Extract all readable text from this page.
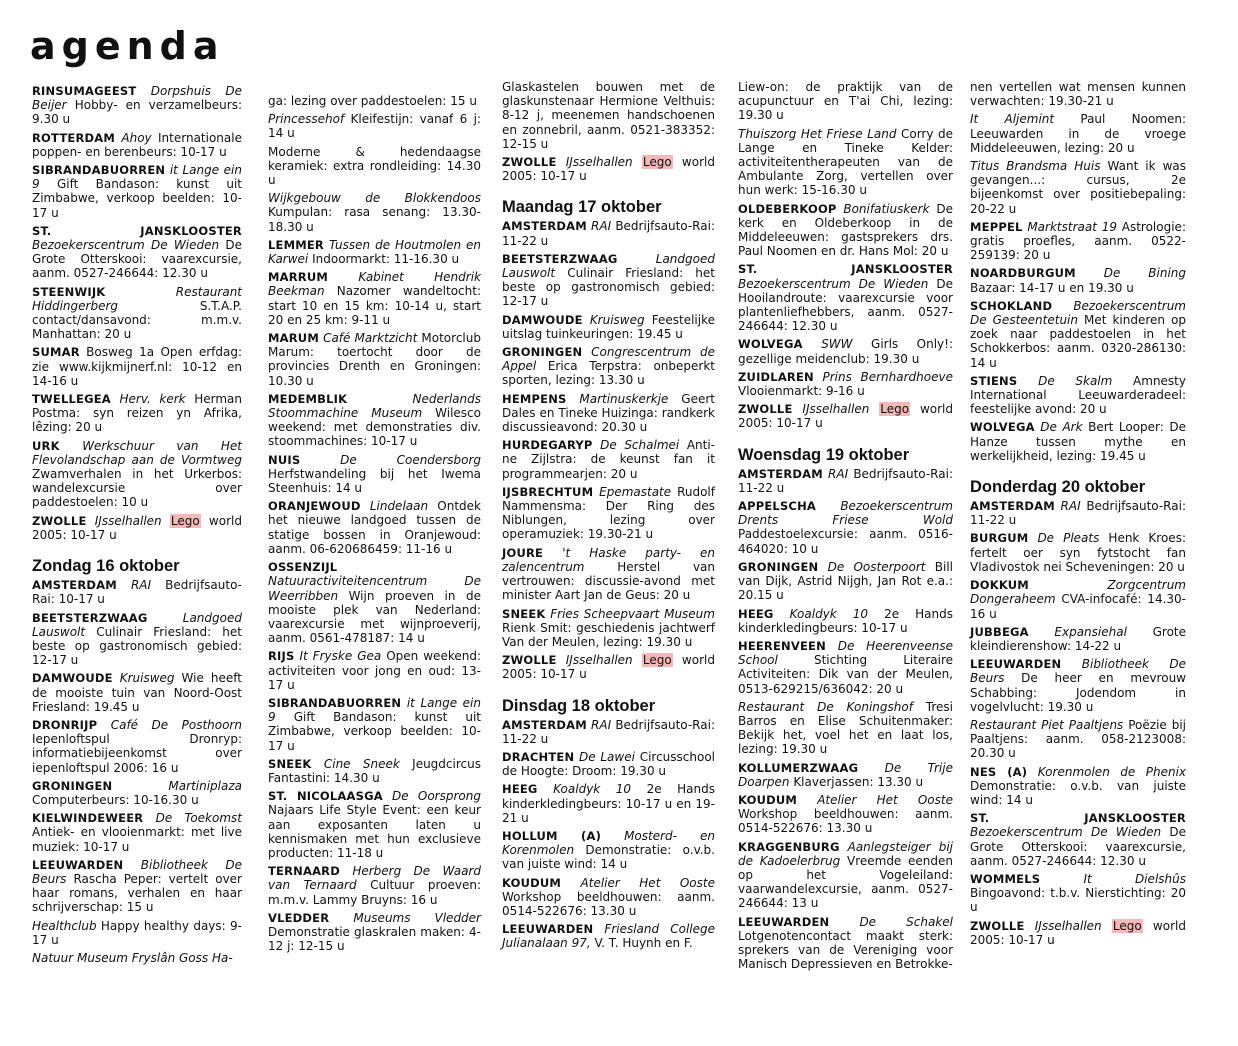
agenda

RINSUMAGEEST Dorpshuis De Beijer Hobby- en verzamelbeurs: 9.30 u

ROTTERDAM Ahoy Internationale poppen- en berenbeurs: 10-17 u

SIBRANDABUORREN it Lange ein 9 Gift Bandason: kunst uit Zimbabwe, verkoop beelden: 10-17 u

ST. JANSKLOOSTER Bezoekerscentrum De Wieden De Grote Otterskooi: vaarexcursie, aanm. 0527-246644: 12.30 u

STEENWIJK	Restaurant Hiddingerberg	S.T.A.P. contact/dansavond: m.m.v. Manhattan: 20 u

SUMAR Bosweg 1a Open erfdag: zie www.kijkmijnerf.nl: 10-12 en 14-16 u

TWELLEGEA Herv. kerk Herman Postma: syn reizen yn Afrika, lêzing: 20 u

URK Werkschuur van Het Flevolandschap aan de Vormtweg Zwamverhalen in het Urkerbos: wandelexcursie over paddestoelen: 10 u

ZWOLLE IJsselhallen Lego world 2005: 10-17 u

Zondag 16 oktober

AMSTERDAM RAI Bedrijfsauto-Rai: 10-17 u

BEETSTERZWAAG	Landgoed Lauswolt Culinair Friesland: het beste op gastronomisch gebied: 12-17 u

DAMWOUDE Kruisweg Wie heeft de mooiste tuin van Noord-Oost Friesland: 19.45 u

DRONRIJP Café De Posthoorn Iepenloftspul Dronryp: informatiebijeenkomst over iepenloftspul 2006: 16 u

GRONINGEN	Martiniplaza Computerbeurs: 10-16.30 u

KIELWINDEWEER De Toekomst Antiek- en vlooienmarkt: met live muziek: 10-17 u

LEEUWARDEN Bibliotheek De Beurs Rascha Peper: vertelt over haar romans, verhalen en haar schrijverschap: 15 u

Healthclub Happy healthy days: 9-17 u

Natuur Museum Fryslân Goss Ha-

ga: lezing over paddestoelen: 15 u

Princessehof Kleifestijn: vanaf 6 j: 14 u

Moderne & hedendaagse keramiek: extra rondleiding: 14.30 u

Wijkgebouw de Blokkendoos Kumpulan: rasa senang: 13.30-18.30 u

LEMMER Tussen de Houtmolen en Karwei Indoormarkt: 11-16.30 u

MARRUM	Kabinet Hendrik Beekman Nazomer wandeltocht: start 10 en 15 km: 10-14 u, start 20 en 25 km: 9-11 u

MARUM Café Marktzicht Motorclub Marum: toertocht door de provincies Drenth en Groningen: 10.30 u

MEDEMBLIK	Nederlands Stoommachine Museum Wilesco weekend: met demonstraties div. stoommachines: 10-17 u

NUIS	De Coendersborg Herfstwandeling bij het Iwema Steenhuis: 14 u

ORANJEWOUD Lindelaan Ontdek het nieuwe landgoed tussen de statige bossen in Oranjewoud: aanm. 06-620686459: 11-16 u

OSSENZIJL Natuuractiviteitencentrum De Weerribben Wijn proeven in de mooiste plek van Nederland: vaarexcursie met wijnproeverij, aanm. 0561-478187: 14 u

RIJS It Fryske Gea Open weekend: activiteiten voor jong en oud: 13-17 u

SIBRANDABUORREN it Lange ein 9 Gift Bandason: kunst uit Zimbabwe, verkoop beelden: 10-17 u

SNEEK Cine Sneek Jeugdcircus Fantastini: 14.30 u

ST. NICOLAASGA De Oorsprong Najaars Life Style Event: een keur aan exposanten laten u kennismaken met hun exclusieve producten: 11-18 u

TERNAARD Herberg De Waard van Ternaard Cultuur proeven: m.m.v. Lammy Bruyns: 16 u

VLEDDER Museums Vledder Demonstratie glaskralen maken: 4-12 j: 12-15 u

Glaskastelen bouwen met de glaskunstenaar Hermione Velthuis: 8-12 j, meenemen handschoenen en zonnebril, aanm. 0521-383352: 12-15 u

ZWOLLE IJsselhallen Lego world 2005: 10-17 u

Maandag 17 oktober

AMSTERDAM RAI Bedrijfsauto-Rai: 11-22 u

BEETSTERZWAAG	Landgoed Lauswolt Culinair Friesland: het beste op gastronomisch gebied: 12-17 u

DAMWOUDE Kruisweg Feestelijke uitslag tuinkeuringen: 19.45 u

GRONINGEN Congrescentrum de Appel Erica Terpstra: onbeperkt sporten, lezing: 13.30 u

HEMPENS Martinuskerkje Geert Dales en Tineke Huizinga: randkerk discussieavond: 20.30 u

HURDEGARYP De Schalmei Anti-ne Zijlstra: de keunst fan it programmearjen: 20 u

IJSBRECHTUM Epemastate Rudolf Nammensma: Der Ring des Niblungen, lezing over operamuziek: 19.30-21 u

JOURE 't Haske party- en zalencentrum	Herstel van vertrouwen: discussie-avond met minister Aart Jan de Geus: 20 u

SNEEK Fries Scheepvaart Museum Rienk Smit: geschiedenis jachtwerf Van der Meulen, lezing: 19.30 u

ZWOLLE IJsselhallen Lego world 2005: 10-17 u

Dinsdag 18 oktober

AMSTERDAM RAI Bedrijfsauto-Rai: 11-22 u

DRACHTEN De Lawei Circusschool de Hoogte: Droom: 19.30 u

HEEG Koaldyk 10 2e Hands kinderkledingbeurs: 10-17 u en 19-21 u

HOLLUM (A) Mosterd- en Korenmolen Demonstratie: o.v.b. van juiste wind: 14 u

KOUDUM Atelier Het Ooste Workshop beeldhouwen: aanm. 0514-522676: 13.30 u

LEEUWARDEN Friesland College Julianalaan 97, V. T. Huynh en F.

Liew-on: de praktijk van de acupunctuur en T'ai Chi, lezing: 19.30 u

Thuiszorg Het Friese Land Corry de Lange en Tineke Kelder: activiteitentherapeuten van de Ambulante Zorg, vertellen over hun werk: 15-16.30 u

OLDEBERKOOP Bonifatiuskerk De kerk en Oldeberkoop in de Middeleeuwen: gastsprekers drs. Paul Noomen en dr. Hans Mol: 20 u

ST. JANSKLOOSTER Bezoekerscentrum De Wieden De Hooilandroute: vaarexcursie voor plantenliefhebbers, aanm. 0527-246644: 12.30 u

WOLVEGA SWW Girls Only!: gezellige meidenclub: 19.30 u

ZUIDLAREN Prins Bernhardhoeve Vlooienmarkt: 9-16 u

ZWOLLE IJsselhallen Lego world 2005: 10-17 u

Woensdag 19 oktober

AMSTERDAM RAI Bedrijfsauto-Rai: 11-22 u

APPELSCHA Bezoekerscentrum Drents Friese Wold Paddestoelexcursie: aanm. 0516-464020: 10 u

GRONINGEN De Oosterpoort Bill van Dijk, Astrid Nijgh, Jan Rot e.a.: 20.15 u

HEEG Koaldyk 10 2e Hands kinderkledingbeurs: 10-17 u

HEERENVEEN De Heerenveense School	Stichting Literaire Activiteiten: Dik van der Meulen, 0513-629215/636042: 20 u

Restaurant De Koningshof Tresi Barros en Elise Schuitenmaker: Bekijk het, voel het en laat los, lezing: 19.30 u

KOLLUMERZWAAG De Trije Doarpen Klaverjassen: 13.30 u

KOUDUM Atelier Het Ooste Workshop beeldhouwen: aanm. 0514-522676: 13.30 u

KRAGGENBURG Aanlegsteiger bij de Kadoelerbrug Vreemde eenden op het Vogeleiland: vaarwandelexcursie, aanm. 0527-246644: 13 u

LEEUWARDEN	De Schakel Lotgenotencontact maakt sterk: sprekers van de Vereniging voor Manisch Depressieven en Betrokke-

nen vertellen wat mensen kunnen verwachten: 19.30-21 u

It Aljemint Paul Noomen: Leeuwarden in de vroege Middeleeuwen, lezing: 20 u

Titus Brandsma Huis Want ik was gevangen...: cursus, 2e bijeenkomst over positiebepaling: 20-22 u

MEPPEL Marktstraat 19 Astrologie: gratis proefles, aanm. 0522-259139: 20 u

NOARDBURGUM De Bining Bazaar: 14-17 u en 19.30 u

SCHOKLAND Bezoekerscentrum De Gesteentetuin Met kinderen op zoek naar paddestoelen in het Schokkerbos: aanm. 0320-286130: 14 u

STIENS De Skalm Amnesty International Leeuwarderadeel: feestelijke avond: 20 u

WOLVEGA De Ark Bert Looper: De Hanze tussen mythe en werkelijkheid, lezing: 19.45 u

Donderdag 20 oktober

AMSTERDAM RAI Bedrijfsauto-Rai: 11-22 u

BURGUM De Pleats Henk Kroes: fertelt oer syn fytstocht fan Vladivostok nei Scheveningen: 20 u

DOKKUM	Zorgcentrum Dongeraheem CVA-infocafé: 14.30-16 u

JUBBEGA Expansiehal Grote kleindierenshow: 14-22 u

LEEUWARDEN Bibliotheek De Beurs De heer en mevrouw Schabbing: Jodendom in vogelvlucht: 19.30 u

Restaurant Piet Paaltjens Poëzie bij Paaltjens: aanm. 058-2123008: 20.30 u

NES (A) Korenmolen de Phenix Demonstratie: o.v.b. van juiste wind: 14 u

ST. JANSKLOOSTER Bezoekerscentrum De Wieden De Grote Otterskooi: vaarexcursie, aanm. 0527-246644: 12.30 u

WOMMELS	It Dielshûs Bingoavond: t.b.v. Nierstichting: 20 u

ZWOLLE IJsselhallen Lego world 2005: 10-17 u
